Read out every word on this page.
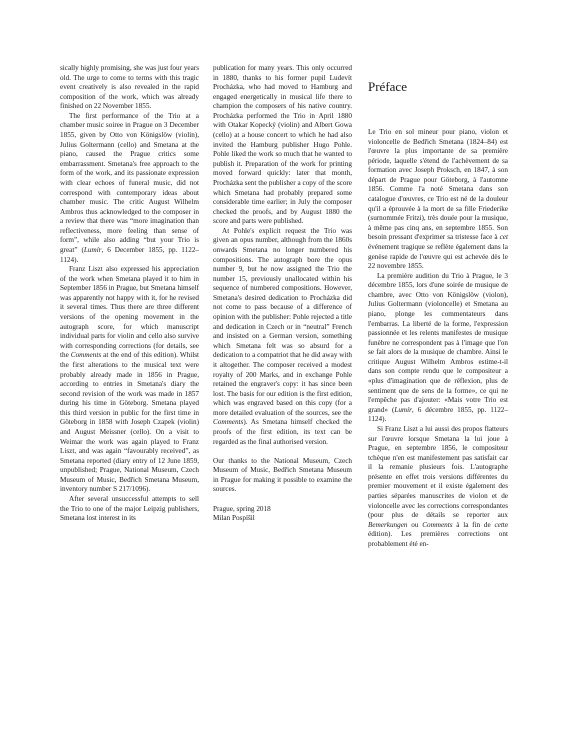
sically highly promising, she was just four years old. The urge to come to terms with this tragic event creatively is also revealed in the rapid composition of the work, which was already finished on 22 November 1855.

The first performance of the Trio at a chamber music soiree in Prague on 3 December 1855, given by Otto von Königslöw (violin), Julius Goltermann (cello) and Smetana at the piano, caused the Prague critics some embarrassment. Smetana's free approach to the form of the work, and its passionate expression with clear echoes of funeral music, did not correspond with contemporary ideas about chamber music. The critic August Wilhelm Ambros thus acknowledged to the composer in a review that there was “more imagination than reflectiveness, more feeling than sense of form”, while also adding “but your Trio is great” (Lumír, 6 December 1855, pp. 1122–1124).

Franz Liszt also expressed his appreciation of the work when Smetana played it to him in September 1856 in Prague, but Smetana himself was apparently not happy with it, for he revised it several times. Thus there are three different versions of the opening movement in the autograph score, for which manuscript individual parts for violin and cello also survive with corresponding corrections (for details, see the Comments at the end of this edition). Whilst the first alterations to the musical text were probably already made in 1856 in Prague, according to entries in Smetana's diary the second revision of the work was made in 1857 during his time in Göteborg. Smetana played this third version in public for the first time in Göteborg in 1858 with Joseph Czapek (violin) and August Meissner (cello). On a visit to Weimar the work was again played to Franz Liszt, and was again “favourably received”, as Smetana reported (diary entry of 12 June 1859, unpublished; Prague, National Museum, Czech Museum of Music, Bedřich Smetana Museum, inventory number S 217/1096).

After several unsuccessful attempts to sell the Trio to one of the major Leipzig publishers, Smetana lost interest in its

publication for many years. This only occurred in 1880, thanks to his former pupil Ludevít Procházka, who had moved to Hamburg and engaged energetically in musical life there to champion the composers of his native country. Procházka performed the Trio in April 1880 with Otakar Kopecký (violin) and Albert Gowa (cello) at a house concert to which he had also invited the Hamburg publisher Hugo Pohle. Pohle liked the work so much that he wanted to publish it. Preparation of the work for printing moved forward quickly: later that month, Procházka sent the publisher a copy of the score which Smetana had probably prepared some considerable time earlier; in July the composer checked the proofs, and by August 1880 the score and parts were published.

At Pohle's explicit request the Trio was given an opus number, although from the 1860s onwards Smetana no longer numbered his compositions. The autograph bore the opus number 9, but he now assigned the Trio the number 15, previously unallocated within his sequence of numbered compositions. However, Smetana's desired dedication to Procházka did not come to pass because of a difference of opinion with the publisher: Pohle rejected a title and dedication in Czech or in “neutral” French and insisted on a German version, something which Smetana felt was so absurd for a dedication to a compatriot that he did away with it altogether. The composer received a modest royalty of 200 Marks, and in exchange Pohle retained the engraver's copy: it has since been lost. The basis for our edition is the first edition, which was engraved based on this copy (for a more detailed evaluation of the sources, see the Comments). As Smetana himself checked the proofs of the first edition, its text can be regarded as the final authorised version.

Our thanks to the National Museum, Czech Museum of Music, Bedřich Smetana Museum in Prague for making it possible to examine the sources.

Prague, spring 2018

Milan Pospíšil

Préface

Le Trio en sol mineur pour piano, violon et violoncelle de Bedřich Smetana (1824–84) est l'œuvre la plus importante de sa première période, laquelle s'étend de l'achèvement de sa formation avec Joseph Proksch, en 1847, à son départ de Prague pour Göteborg, à l'automne 1856. Comme l'a noté Smetana dans son catalogue d'œuvres, ce Trio est né de la douleur qu'il a éprouvée à la mort de sa fille Friederike (surnommée Fritzi), très douée pour la musique, à même pas cinq ans, en septembre 1855. Son besoin pressant d'exprimer sa tristesse face à cet événement tragique se reflète également dans la genèse rapide de l'œuvre qui est achevée dès le 22 novembre 1855.

La première audition du Trio à Prague, le 3 décembre 1855, lors d'une soirée de musique de chambre, avec Otto von Königslöw (violon), Julius Goltermann (violoncelle) et Smetana au piano, plonge les commentateurs dans l'embarras. La liberté de la forme, l'expression passionnée et les relents manifestes de musique funèbre ne correspondent pas à l'image que l'on se fait alors de la musique de chambre. Ainsi le critique August Wilhelm Ambros estime-t-il dans son compte rendu que le compositeur a «plus d'imagination que de réflexion, plus de sentiment que de sens de la forme», ce qui ne l'empêche pas d'ajouter: «Mais votre Trio est grand» (Lumír, 6 décembre 1855, pp. 1122–1124).

Si Franz Liszt a lui aussi des propos flatteurs sur l'œuvre lorsque Smetana la lui joue à Prague, en septembre 1856, le compositeur tchèque n'en est manifestement pas satisfait car il la remanie plusieurs fois. L'autographe présente en effet trois versions différentes du premier mouvement et il existe également des parties séparées manuscrites de violon et de violoncelle avec les corrections correspondantes (pour plus de détails se reporter aux Bemerkungen ou Comments à la fin de cette édition). Les premières corrections ont probablement été en-
